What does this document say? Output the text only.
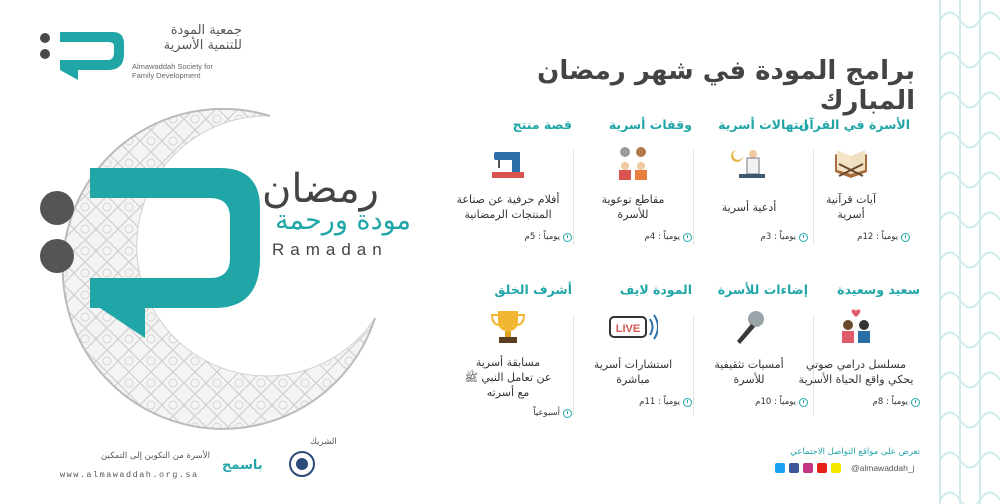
جمعية المودة
للتنمية الأسرية
Almawaddah Society for
Family Development	برامج المودة في شهر رمضان المبارك
رمضان
مودة ورحمة
Ramadan
الأسرة في القرآن
آيات قرآنية
أسرية
يومياً : 12م
ابتهالات أسرية
أدعية أسرية
يومياً : 3م
وقفات أسرية
مقاطع توعوية
للأسرة
يومياً : 4م
قصة منتج
أفلام حرفية عن صناعة
المنتجات الرمضانية
يومياً : 5م
سعيد وسعيدة
مسلسل درامي صوتي
يحكي واقع الحياة الأسرية
يومياً : 8م
إضاءات للأسرة
أمسيات تثقيفية
للأسرة
يومياً : 10م
المودة لايف
LIVE
استشارات أسرية
مباشرة
يومياً : 11م
أشرف الخلق
مسابقة أسرية
عن تعامل النبي ﷺ
مع أسرته
أسبوعياً
الأسرة من التكوين إلى التمكين
www.almawaddah.org.sa
الشريك
باسمح
تعرض على مواقع التواصل الاجتماعي
@almawaddah_j
